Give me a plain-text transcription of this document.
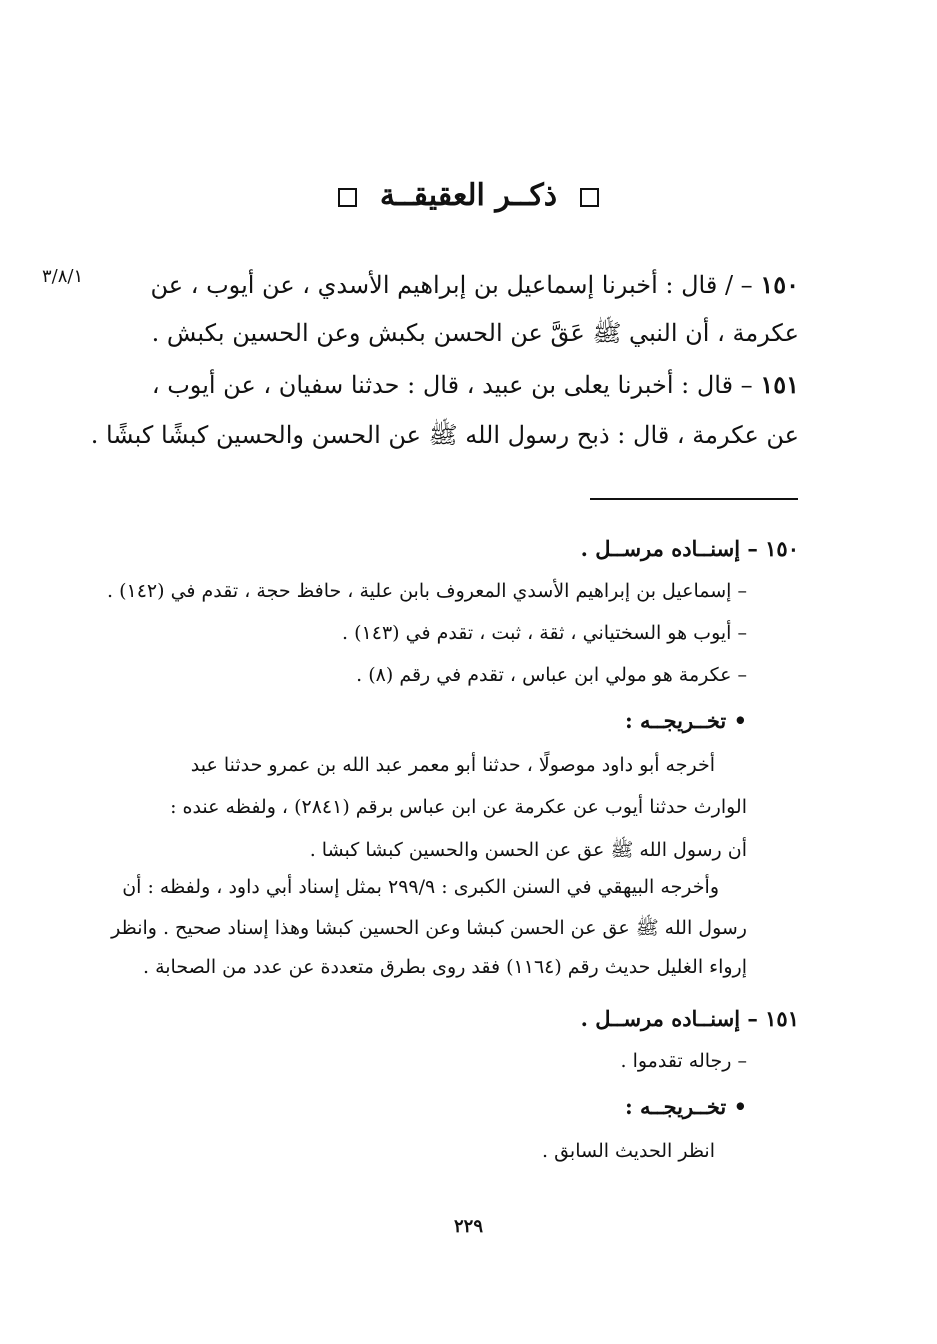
ذكــر العقيقــة
٣/٨/١	١٥٠ – / قال : أخبرنا إسماعيل بن إبراهيم الأسدي ، عن أيوب ، عن
عكرمة ، أن النبي ﷺ عَقَّ عن الحسن بكبش وعن الحسين بكبش .
١٥١ – قال : أخبرنا يعلى بن عبيد ، قال : حدثنا سفيان ، عن أيوب ،
عن عكرمة ، قال : ذبح رسول الله ﷺ عن الحسن والحسين كبشًا كبشًا .
١٥٠ – إسنــاده مرســل .
– إسماعيل بن إبراهيم الأسدي المعروف بابن علية ، حافظ حجة ، تقدم في (١٤٢) .
– أيوب هو السختياني ، ثقة ، ثبت ، تقدم في (١٤٣) .
– عكرمة هو مولي ابن عباس ، تقدم في رقم (٨) .
• تخــريجــه :
أخرجه أبو داود موصولًا ، حدثنا أبو معمر عبد الله بن عمرو حدثنا عبد
الوارث حدثنا أيوب عن عكرمة عن ابن عباس برقم (٢٨٤١) ، ولفظه عنده :
أن رسول الله ﷺ عق عن الحسن والحسين كبشا كبشا .
وأخرجه البيهقي في السنن الكبرى : ٢٩٩/٩ بمثل إسناد أبي داود ، ولفظه : أن
رسول الله ﷺ عق عن الحسن كبشا وعن الحسين كبشا وهذا إسناد صحيح . وانظر
إرواء الغليل حديث رقم (١١٦٤) فقد روى بطرق متعددة عن عدد من الصحابة .
١٥١ – إسنــاده مرســل .
– رجاله تقدموا .
• تخــريجــه :
انظر الحديث السابق .
٢٢٩
